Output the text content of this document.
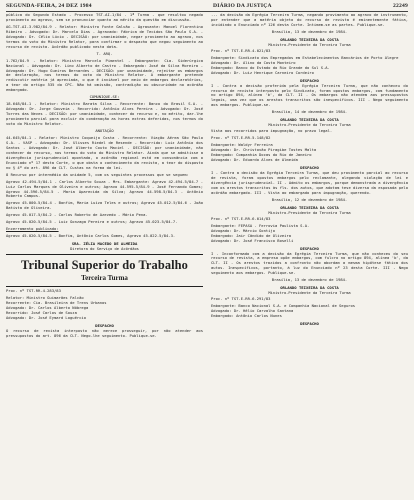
SEGUNDA-FEIRA, 24 DEZ 1984	DIÁRIO DA JUSTIÇA	22249

pública do Segundo Estado - Processo TST-AI-1/84 - 1ª Turma - que resultou negado provimento ao agravo, sem se pronunciar quanto ao mérito da questão em discussão.

AG-TST-AI-3.982/84-9 - Relator: Ministro Fonte Galvão - Agravante: Manoel Florentino Ribeiro - Advogado: Dr. Marcelo Dias - Agravado: Fábrica de Tecidos São Paulo S.A. - Advogado: Dr. Célio Lúcio - DECISÃO: por unanimidade, negar provimento ao agravo, nos termos do voto do Ministro Relator, para confirmar o despacho que negou seguimento ao recurso de revista. Acórdão publicado nesta data.

T. ARQ.

1.762/84-9 - Relator: Ministro Marcelo Pimentel - Embargante: Cia. Siderúrgica Nacional - Advogado: Dr. Lino Alberto de Castro - Embargado: José da Silva Moreira - Advogado: Dr. Hugo Gueiros Bernardes - DECISÃO: por unanimidade, rejeitar os embargos de declaração, nos termos do voto do Ministro Relator. A embargante pretende rediscutir matéria já apreciada, o que é inviável por meio de embargos declaratórios, a teor do artigo 535 do CPC. Não há omissão, contradição ou obscuridade no acórdão embargado.

COMUNIQUE-SE:

18.648/84-1 - Relator: Ministro Barata Silva - Recorrente: Banco do Brasil S.A. - Advogado: Dr. Jorge Gouveia - Recorrido: Antônio Alves Pereira - Advogado: Dr. José Torres das Neves - DECISÃO: por unanimidade, conhecer do recurso e, no mérito, dar-lhe provimento parcial para excluir da condenação as horas extras deferidas, nos termos do voto do Ministro Relator.

ANOTAÇÃO

44.645/84-1 - Relator: Ministro Coqueijo Costa - Recorrente: Viação Aérea São Paulo S.A. - VASP - Advogado: Dr. Ulisses Riedel de Resende - Recorrido: Luiz Antônio dos Santos - Advogado: Dr. José Alberto Couto Maciel - DECISÃO: por unanimidade, não conhecer do recurso, nos termos do voto do Ministro Relator. Ainda que se admitisse a divergência jurisprudencial apontada, o acórdão regional está em consonância com o Enunciado nº 17 desta Corte, o que obsta o conhecimento da revista, a teor do disposto no § 4º do art. 896 da CLT. Custas na forma da lei.

8 Recurso por intermédio da unidade 5, com os seguintes processos que se seguem:

Agravo 42.494-5/84-1 - Carlos Alberto Souza - Mrs. Embargante: Agravo 42.494-5/84-7 - Luiz Carlos Marques de Oliveira e outros; Agravo 44.595-5/84-9 - José Fernando Gomes; Agravo 44.596-5/84-5 - Maria Aparecida da Silva; Agravo 44.598-5/84-3 - Antônio Roberto Campos.

Agravo 45.000-5/84-4 - Bonfim, Maria Luíza Teles e outros; Agravo 45.012-5/84-6 - João Batista de Oliveira.

Agravo 45.017-5/84-2 - Carlos Roberto de Azevedo - Mário Pena.

Agravo 45.020-5/84-5 - Luiz Gonzaga Pereira e outros; Agravo 45.023-5/84-7.

Encerramento publicado:

Agravo 45.020-5/84-5 - Bonfim, Antônio Carlos Gomes, Agravo 45.022-5/84-3.

SRA. ZÉLIA MACEDO DE ALMEIDA
Diretora do Serviço de Acórdãos
Tribunal Superior do Trabalho
Terceira Turma

Proc. nº TST-RR-4.283/83

Relator: Ministro Guimarães Falcão
Recorrente: Cia. Brasileira de Trens Urbanos
Advogado: Dr. Carlos Alberto Nóbrega
Recorrido: José Carlos de Souza
Advogado: Dr. José Eymard Loguércio

DESPACHO

O recurso de revista interposto não merece prosseguir, por não atender aos pressupostos do art. 896 da CLT. Nego-lhe seguimento. Publique-se.

... da decisão da Egrégia Terceira Turma, negando provimento ao agravo de instrumento, por entender que a matéria objeto do recurso de revista é eminentemente fática, incidindo o Enunciado nº 126 desta Corte. Intimem-se as partes. Publique-se.

Brasília, 13 de dezembro de 1984.

ORLANDO TEIXEIRA DA COSTA
Ministro-Presidente da Terceira Turma

Proc. nº TST-E-RR-4.021/83

Embargante: Sindicato dos Empregados em Estabelecimentos Bancários de Porto Alegre
Advogado: Dr. Alino da Costa Monteiro
Embargado: Banco do Estado do Rio Grande do Sul S.A.
Advogado: Dr. Luiz Henrique Carneiro Cordeiro

DESPACHO

I - Contra a decisão proferida pela Egrégia Terceira Turma, que não conheceu do recurso de revista interposto pelo Sindicato, foram opostos embargos, com fundamento no artigo 894, alínea 'b', da CLT. II - Os embargos não atendem aos pressupostos legais, uma vez que os arestos transcritos são inespecíficos. III - Nego seguimento aos embargos. Publique-se.

Brasília, 14 de dezembro de 1984.

ORLANDO TEIXEIRA DA COSTA
Ministro-Presidente da Terceira Turma

Vista aos recorridos para impugnação, no prazo legal.

Proc. nº TST-E-RR-5.148/82

Embargante: Waldyr Ferreira
Advogado: Dr. Christovão Piragibe Tostes Malta
Embargado: Companhia Docas do Rio de Janeiro
Advogado: Dr. Eduardo Alves de Almeida

DESPACHO

I - Contra a decisão da Egrégia Terceira Turma, que deu provimento parcial ao recurso de revista, foram opostos embargos pelo reclamante, alegando violação de lei e divergência jurisprudencial. II - Admito os embargos, porque demonstrada a divergência com os arestos transcritos às fls. dos autos, que adotam tese diversa da esposada pelo acórdão embargado. III - Vista ao embargado para impugnação, querendo.

Brasília, 12 de dezembro de 1984.

ORLANDO TEIXEIRA DA COSTA
Ministro-Presidente da Terceira Turma

Proc. nº TST-E-RR-6.014/83

Embargante: FEPASA - Ferrovia Paulista S.A.
Advogado: Dr. Márcio Gontijo
Embargado: Jair Cândido de Oliveira
Advogado: Dr. José Francisco Boselli

DESPACHO

I - Inconformado com a decisão da Egrégia Terceira Turma, que não conheceu do seu recurso de revista, a empresa opõe embargos, com fulcro no artigo 894, alínea 'b', da CLT. II - Os arestos trazidos a confronto não abordam a mesma hipótese fática dos autos. Inespecíficos, portanto, à luz do Enunciado nº 23 desta Corte. III - Nego seguimento aos embargos. Publique-se.

Brasília, 13 de dezembro de 1984.

ORLANDO TEIXEIRA DA COSTA
Ministro-Presidente da Terceira Turma

Proc. nº TST-E-RR-6.291/83

Embargante: Banco Nacional S.A. e Companhia Nacional de Seguros
Advogado: Dr. Hélio Carvalho Santana
Embargado: Antônio Carlos Nunes

DESPACHO
